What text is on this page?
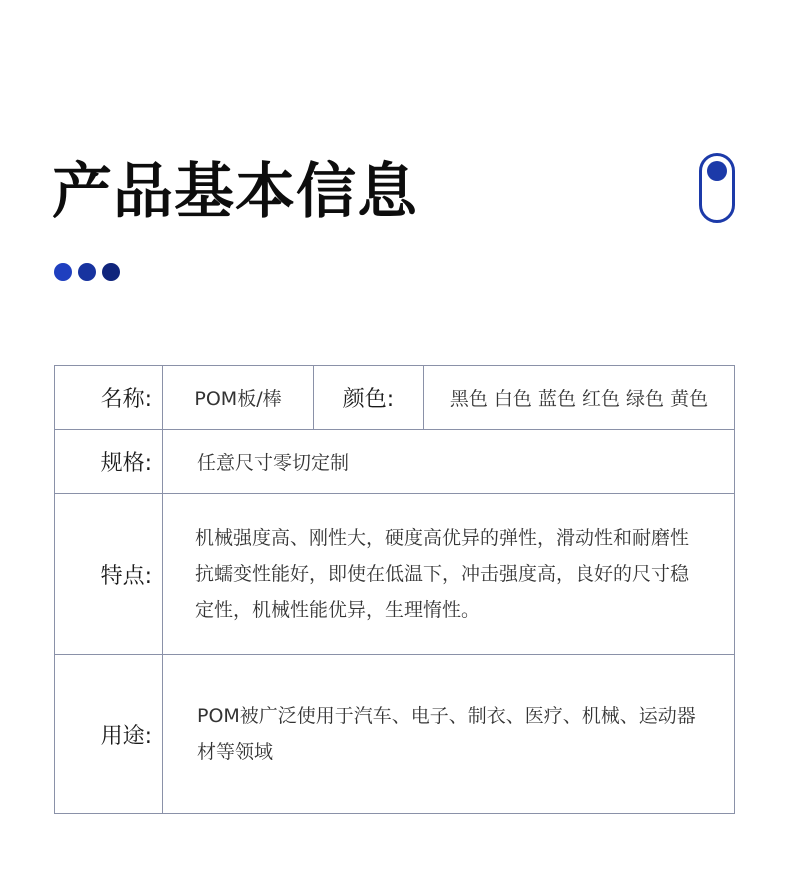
产品基本信息
名称:	POM板/棒	颜色:	黑色 白色 蓝色 红色 绿色 黄色
规格:	任意尺寸零切定制
特点:
机械强度高、刚性大，硬度高优异的弹性，滑动性和耐磨性抗蠕变性能好，即使在低温下，冲击强度高，良好的尺寸稳定性，机械性能优异，生理惰性。
用途:
POM被广泛使用于汽车、电子、制衣、医疗、机械、运动器材等领域
